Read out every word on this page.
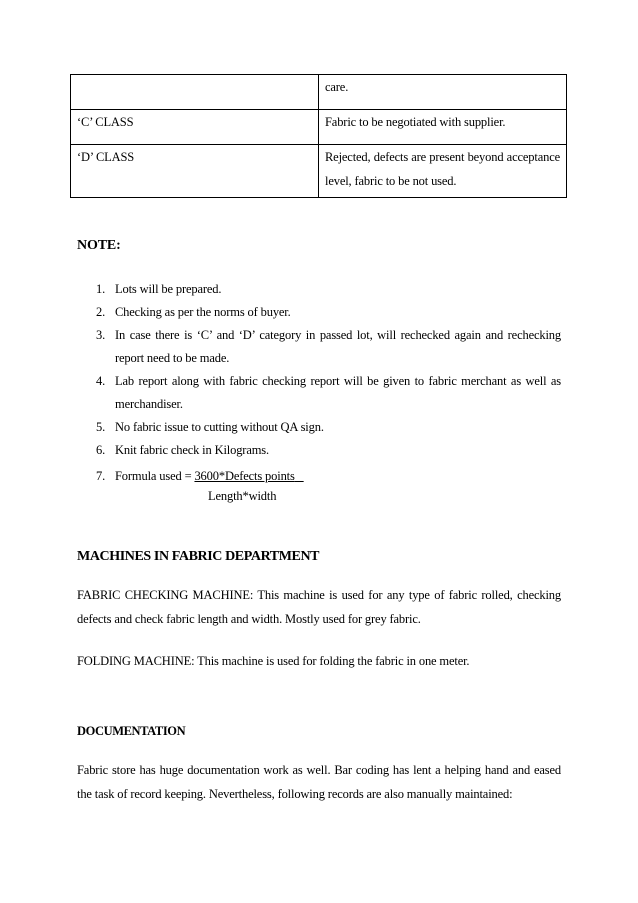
	care.
‘C’ CLASS	Fabric to be negotiated with supplier.
‘D’ CLASS	Rejected, defects are present beyond acceptance level, fabric to be not used.
NOTE:
1. Lots will be prepared.
2. Checking as per the norms of buyer.
3. In case there is ‘C’ and ‘D’ category in passed lot, will rechecked again and rechecking report need to be made.
4. Lab report along with fabric checking report will be given to fabric merchant as well as merchandiser.
5. No fabric issue to cutting without QA sign.
6. Knit fabric check in Kilograms.
7. Formula used = 3600*Defects points
Length*width
MACHINES IN FABRIC DEPARTMENT

FABRIC CHECKING MACHINE: This machine is used for any type of fabric rolled, checking defects and check fabric length and width. Mostly used for grey fabric.

FOLDING MACHINE: This machine is used for folding the fabric in one meter.

DOCUMENTATION

Fabric store has huge documentation work as well. Bar coding has lent a helping hand and eased the task of record keeping. Nevertheless, following records are also manually maintained:
